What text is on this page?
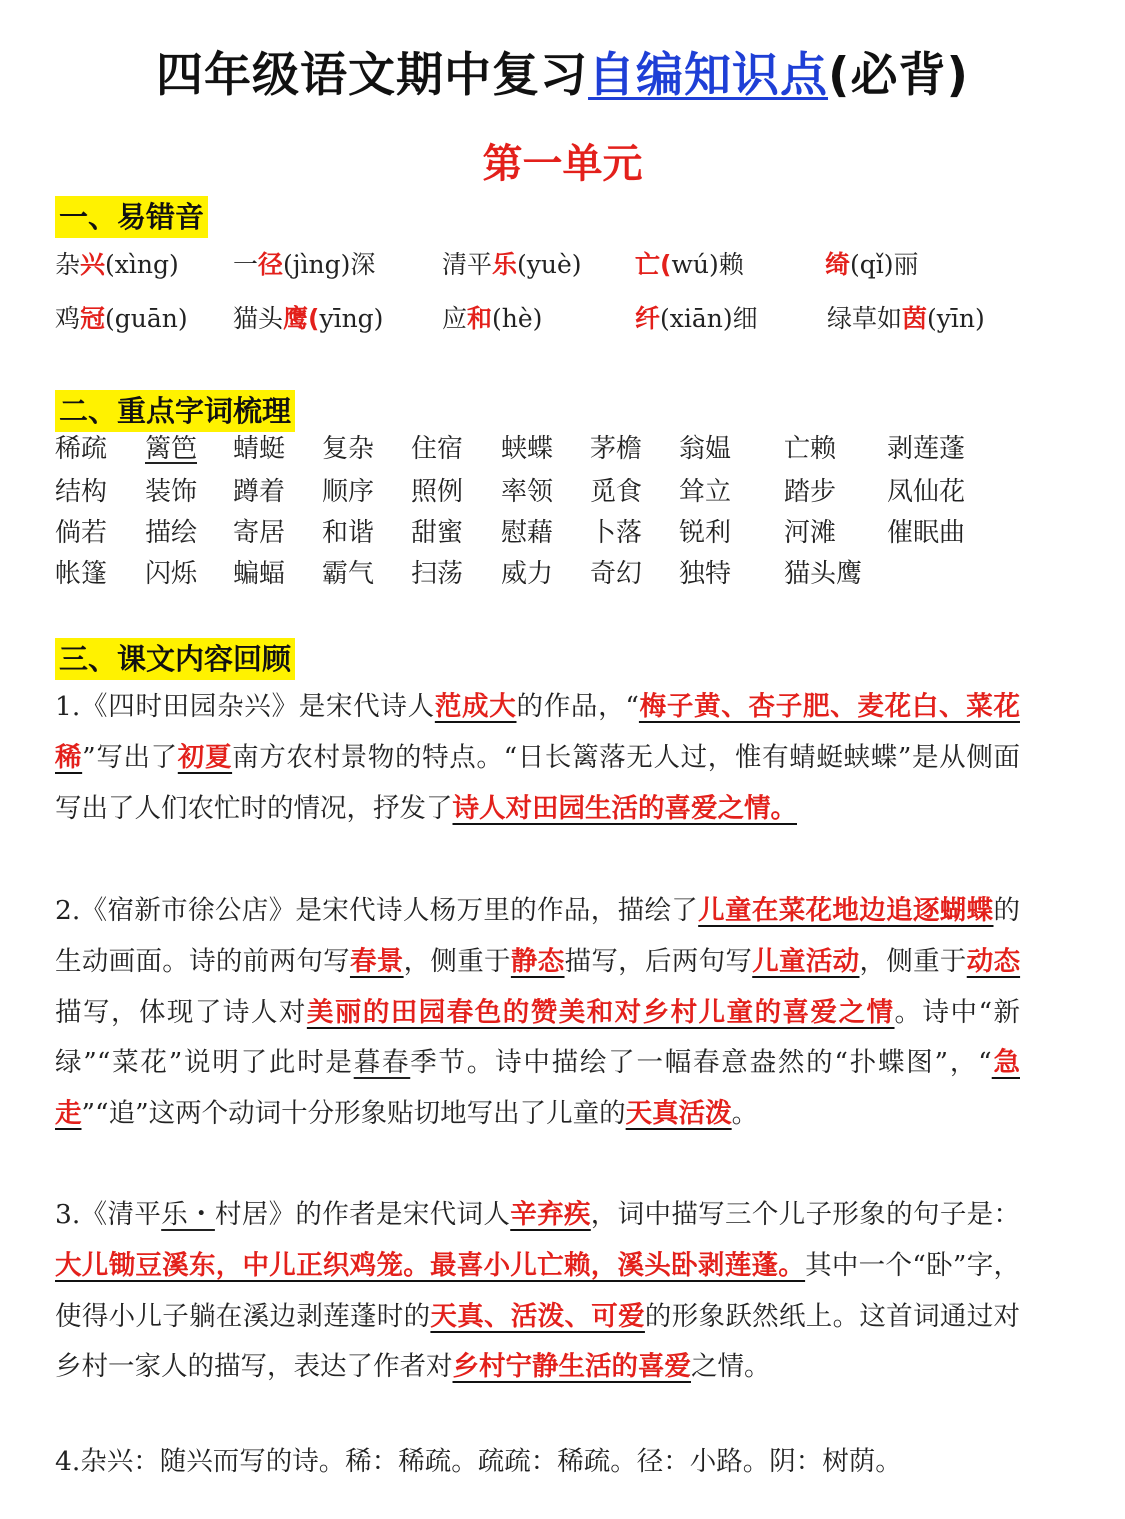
四年级语文期中复习自编知识点(必背)
第一单元
一、易错音
杂兴(xìng) 一径(jìng)深	清平乐(yuè) 亡(wú)赖	绮(qǐ)丽
鸡冠(guān) 猫头鹰(yīng) 应和(hè)	纤(xiān)细	绿草如茵(yīn)
二、重点字词梳理
稀疏 篱笆 蜻蜓 复杂 住宿 蛱蝶 茅檐 翁媪 亡赖 剥莲蓬
结构 装饰 蹲着 顺序 照例 率领 觅食 耸立 踏步 凤仙花
倘若 描绘 寄居 和谐 甜蜜 慰藉 卜落 锐利 河滩 催眠曲
帐篷 闪烁 蝙蝠 霸气 扫荡 威力 奇幻 独特 猫头鹰
三、课文内容回顾
1.《四时田园杂兴》是宋代诗人范成大的作品，“梅子黄、杏子肥、麦花白、菜花稀”写出了初夏南方农村景物的特点。“日长篱落无人过，惟有蜻蜓蛱蝶”是从侧面写出了人们农忙时的情况，抒发了诗人对田园生活的喜爱之情。
2.《宿新市徐公店》是宋代诗人杨万里的作品，描绘了儿童在菜花地边追逐蝴蝶的生动画面。诗的前两句写春景，侧重于静态描写，后两句写儿童活动，侧重于动态描写，体现了诗人对美丽的田园春色的赞美和对乡村儿童的喜爱之情。诗中“新绿”“菜花”说明了此时是暮春季节。诗中描绘了一幅春意盎然的“扑蝶图”，“急走”“追”这两个动词十分形象贴切地写出了儿童的天真活泼。
3.《清平乐・村居》的作者是宋代词人辛弃疾，词中描写三个儿子形象的句子是：大儿锄豆溪东，中儿正织鸡笼。最喜小儿亡赖，溪头卧剥莲蓬。其中一个“卧”字，使得小儿子躺在溪边剥莲蓬时的天真、活泼、可爱的形象跃然纸上。这首词通过对乡村一家人的描写，表达了作者对乡村宁静生活的喜爱之情。
4.杂兴：随兴而写的诗。稀：稀疏。疏疏：稀疏。径：小路。阴：树荫。
